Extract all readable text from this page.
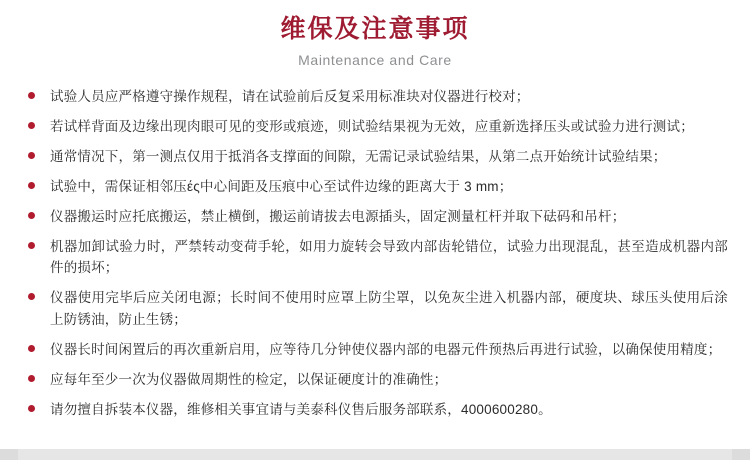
维保及注意事项
Maintenance and Care
试验人员应严格遵守操作规程，请在试验前后反复采用标准块对仪器进行校对；
若试样背面及边缘出现肉眼可见的变形或痕迹，则试验结果视为无效，应重新选择压头或试验力进行测试；
通常情况下，第一测点仅用于抵消各支撑面的间隙，无需记录试验结果，从第二点开始统计试验结果；
试验中，需保证相邻压ές中心间距及压痕中心至试件边缘的距离大于 3 mm；
仪器搬运时应托底搬运，禁止横倒，搬运前请拔去电源插头，固定测量杠杆并取下砝码和吊杆；
机器加卸试验力时，严禁转动变荷手轮，如用力旋转会导致内部齿轮错位，试验力出现混乱，甚至造成机器内部件的损坏；
仪器使用完毕后应关闭电源；长时间不使用时应罩上防尘罩，以免灰尘进入机器内部，硬度块、球压头使用后涂上防锈油，防止生锈；
仪器长时间闲置后的再次重新启用，应等待几分钟使仪器内部的电器元件预热后再进行试验，以确保使用精度；
应每年至少一次为仪器做周期性的检定，以保证硬度计的准确性；
请勿擅自拆装本仪器，维修相关事宜请与美泰科仪售后服务部联系，4000600280。
